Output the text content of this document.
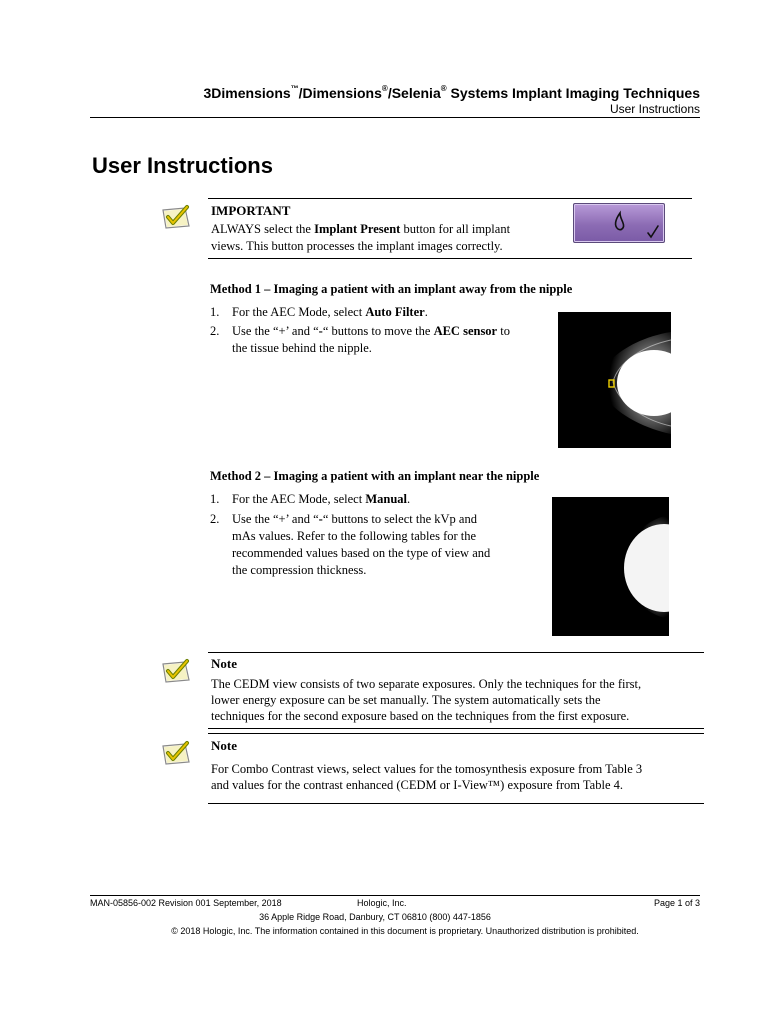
3Dimensions™/Dimensions®/Selenia® Systems Implant Imaging Techniques
User Instructions
User Instructions
IMPORTANT
ALWAYS select the Implant Present button for all implant
views. This button processes the implant images correctly.
Method 1 – Imaging a patient with an implant away from the nipple
1. For the AEC Mode, select Auto Filter.
2. Use the “+’ and “-“ buttons to move the AEC sensor to
the tissue behind the nipple.
Method 2 – Imaging a patient with an implant near the nipple
1. For the AEC Mode, select Manual.
2. Use the “+’ and “-“ buttons to select the kVp and
mAs values. Refer to the following tables for the
recommended values based on the type of view and
the compression thickness.
Note
The CEDM view consists of two separate exposures. Only the techniques for the first,
lower energy exposure can be set manually. The system automatically sets the
techniques for the second exposure based on the techniques from the first exposure.
Note
For Combo Contrast views, select values for the tomosynthesis exposure from Table 3
and values for the contrast enhanced (CEDM or I-View™) exposure from Table 4.
MAN-05856-002 Revision 001 September, 2018	Hologic, Inc.	Page 1 of 3
36 Apple Ridge Road, Danbury, CT 06810 (800) 447-1856
© 2018 Hologic, Inc. The information contained in this document is proprietary. Unauthorized distribution is prohibited.
